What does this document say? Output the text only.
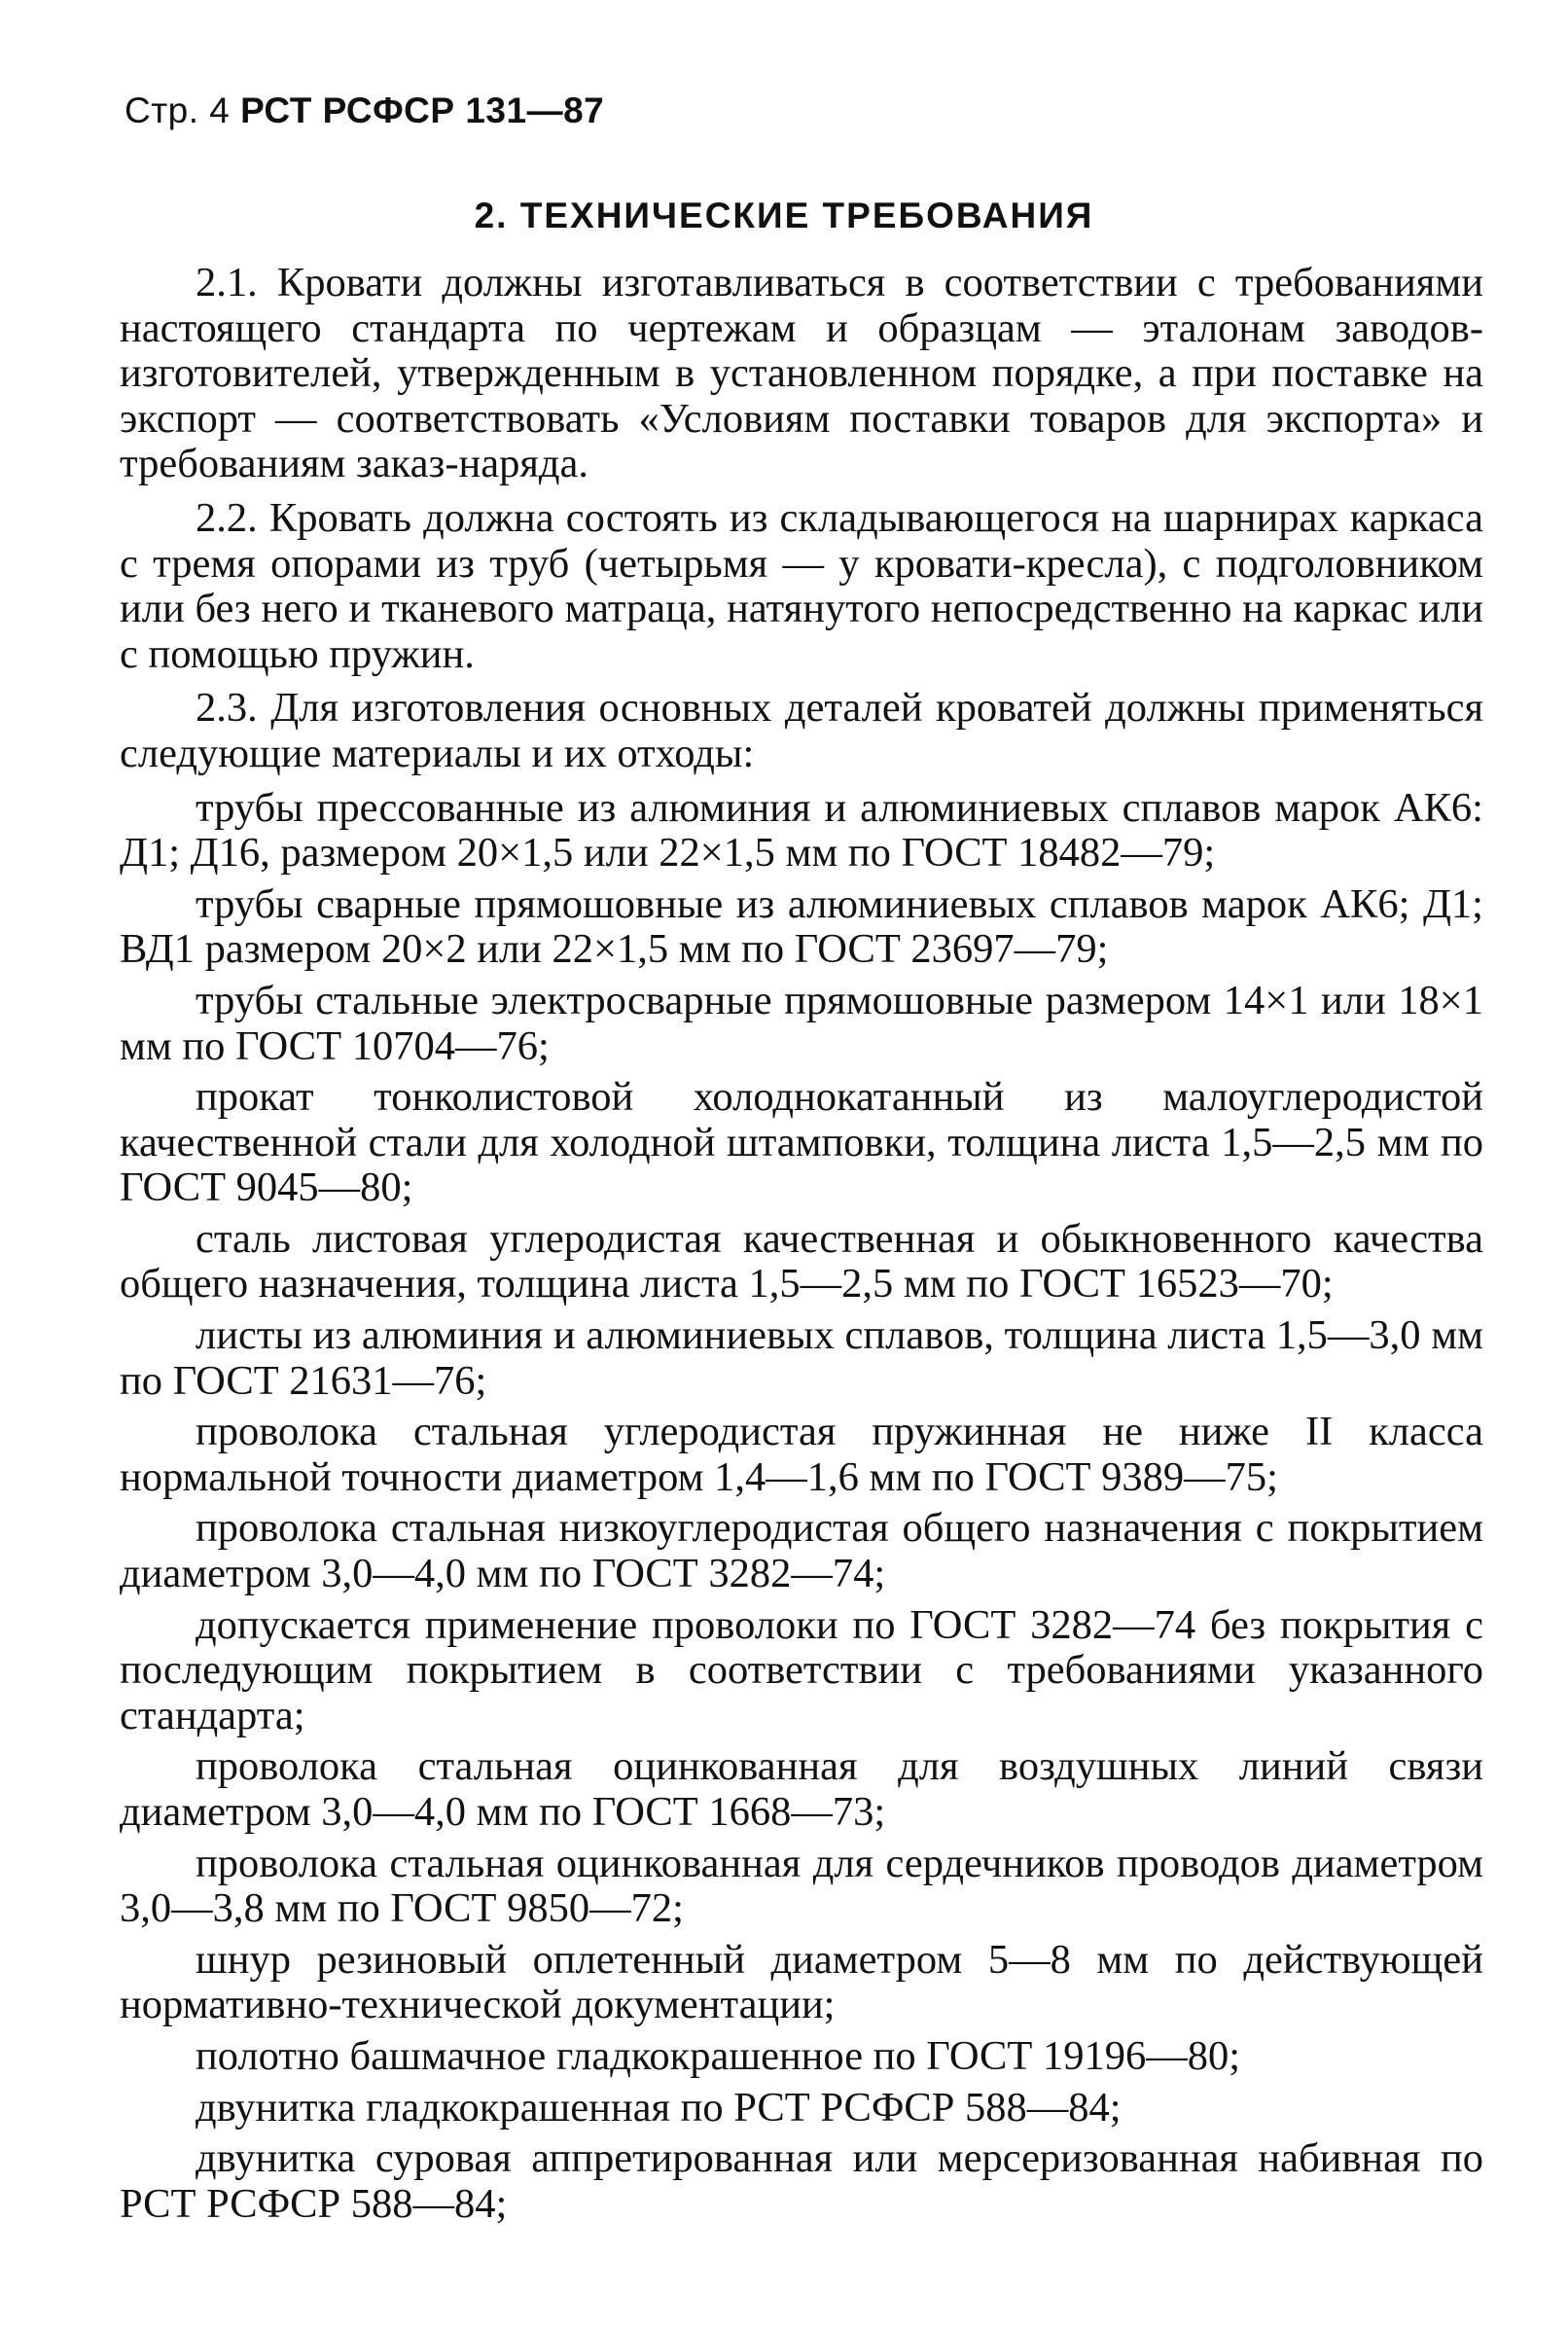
Стр. 4 РСТ РСФСР 131—87
2. ТЕХНИЧЕСКИЕ ТРЕБОВАНИЯ

2.1. Кровати должны изготавливаться в соответствии с требованиями настоящего стандарта по чертежам и образцам — эталонам заводов-изготовителей, утвержденным в установленном порядке, а при поставке на экспорт — соответствовать «Условиям поставки товаров для экспорта» и требованиям заказ-наряда.

2.2. Кровать должна состоять из складывающегося на шарнирах каркаса с тремя опорами из труб (четырьмя — у кровати-кресла), с подголовником или без него и тканевого матраца, натянутого непосредственно на каркас или с помощью пружин.

2.3. Для изготовления основных деталей кроватей должны применяться следующие материалы и их отходы:

трубы прессованные из алюминия и алюминиевых сплавов марок АК6: Д1; Д16, размером 20×1,5 или 22×1,5 мм по ГОСТ 18482—79;

трубы сварные прямошовные из алюминиевых сплавов марок АК6; Д1; ВД1 размером 20×2 или 22×1,5 мм по ГОСТ 23697—79;

трубы стальные электросварные прямошовные размером 14×1 или 18×1 мм по ГОСТ 10704—76;

прокат тонколистовой холоднокатанный из малоуглеродистой качественной стали для холодной штамповки, толщина листа 1,5—2,5 мм по ГОСТ 9045—80;

сталь листовая углеродистая качественная и обыкновенного качества общего назначения, толщина листа 1,5—2,5 мм по ГОСТ 16523—70;

листы из алюминия и алюминиевых сплавов, толщина листа 1,5—3,0 мм по ГОСТ 21631—76;

проволока стальная углеродистая пружинная не ниже II класса нормальной точности диаметром 1,4—1,6 мм по ГОСТ 9389—75;

проволока стальная низкоуглеродистая общего назначения с покрытием диаметром 3,0—4,0 мм по ГОСТ 3282—74;

допускается применение проволоки по ГОСТ 3282—74 без покрытия с последующим покрытием в соответствии с требованиями указанного стандарта;

проволока стальная оцинкованная для воздушных линий связи диаметром 3,0—4,0 мм по ГОСТ 1668—73;

проволока стальная оцинкованная для сердечников проводов диаметром 3,0—3,8 мм по ГОСТ 9850—72;

шнур резиновый оплетенный диаметром 5—8 мм по действующей нормативно-технической документации;

полотно башмачное гладкокрашенное по ГОСТ 19196—80;

двунитка гладкокрашенная по РСТ РСФСР 588—84;

двунитка суровая аппретированная или мерсеризованная набивная по РСТ РСФСР 588—84;
